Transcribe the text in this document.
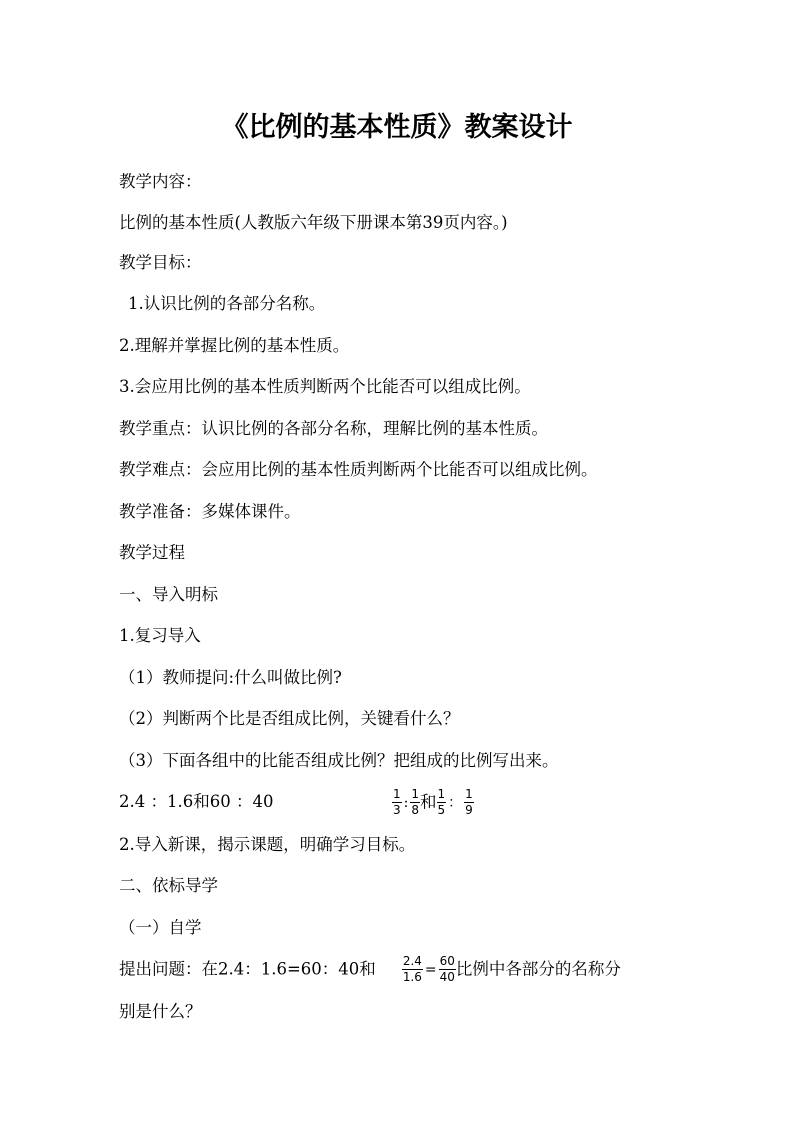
《比例的基本性质》教案设计
教学内容：
比例的基本性质(人教版六年级下册课本第39页内容。)
教学目标：
1.认识比例的各部分名称。
2.理解并掌握比例的基本性质。
3.会应用比例的基本性质判断两个比能否可以组成比例。
教学重点：认识比例的各部分名称，理解比例的基本性质。
教学难点：会应用比例的基本性质判断两个比能否可以组成比例。
教学准备：多媒体课件。
教学过程
一、导入明标
1.复习导入
（1）教师提问:什么叫做比例?
（2）判断两个比是否组成比例，关键看什么？
（3）下面各组中的比能否组成比例？把组成的比例写出来。
2.4 ：1.6和60 ：40	$\frac{1}{3}$ : $\frac{1}{8}$ 和 $\frac{1}{5}$ ： $\frac{1}{9}$
2.导入新课，揭示课题，明确学习目标。
二、依标导学
（一）自学
提出问题：在2.4：1.6=60：40和 $\frac{2.4}{1.6} = \frac{60}{40}$ 比例中各部分的名称分
别是什么？
